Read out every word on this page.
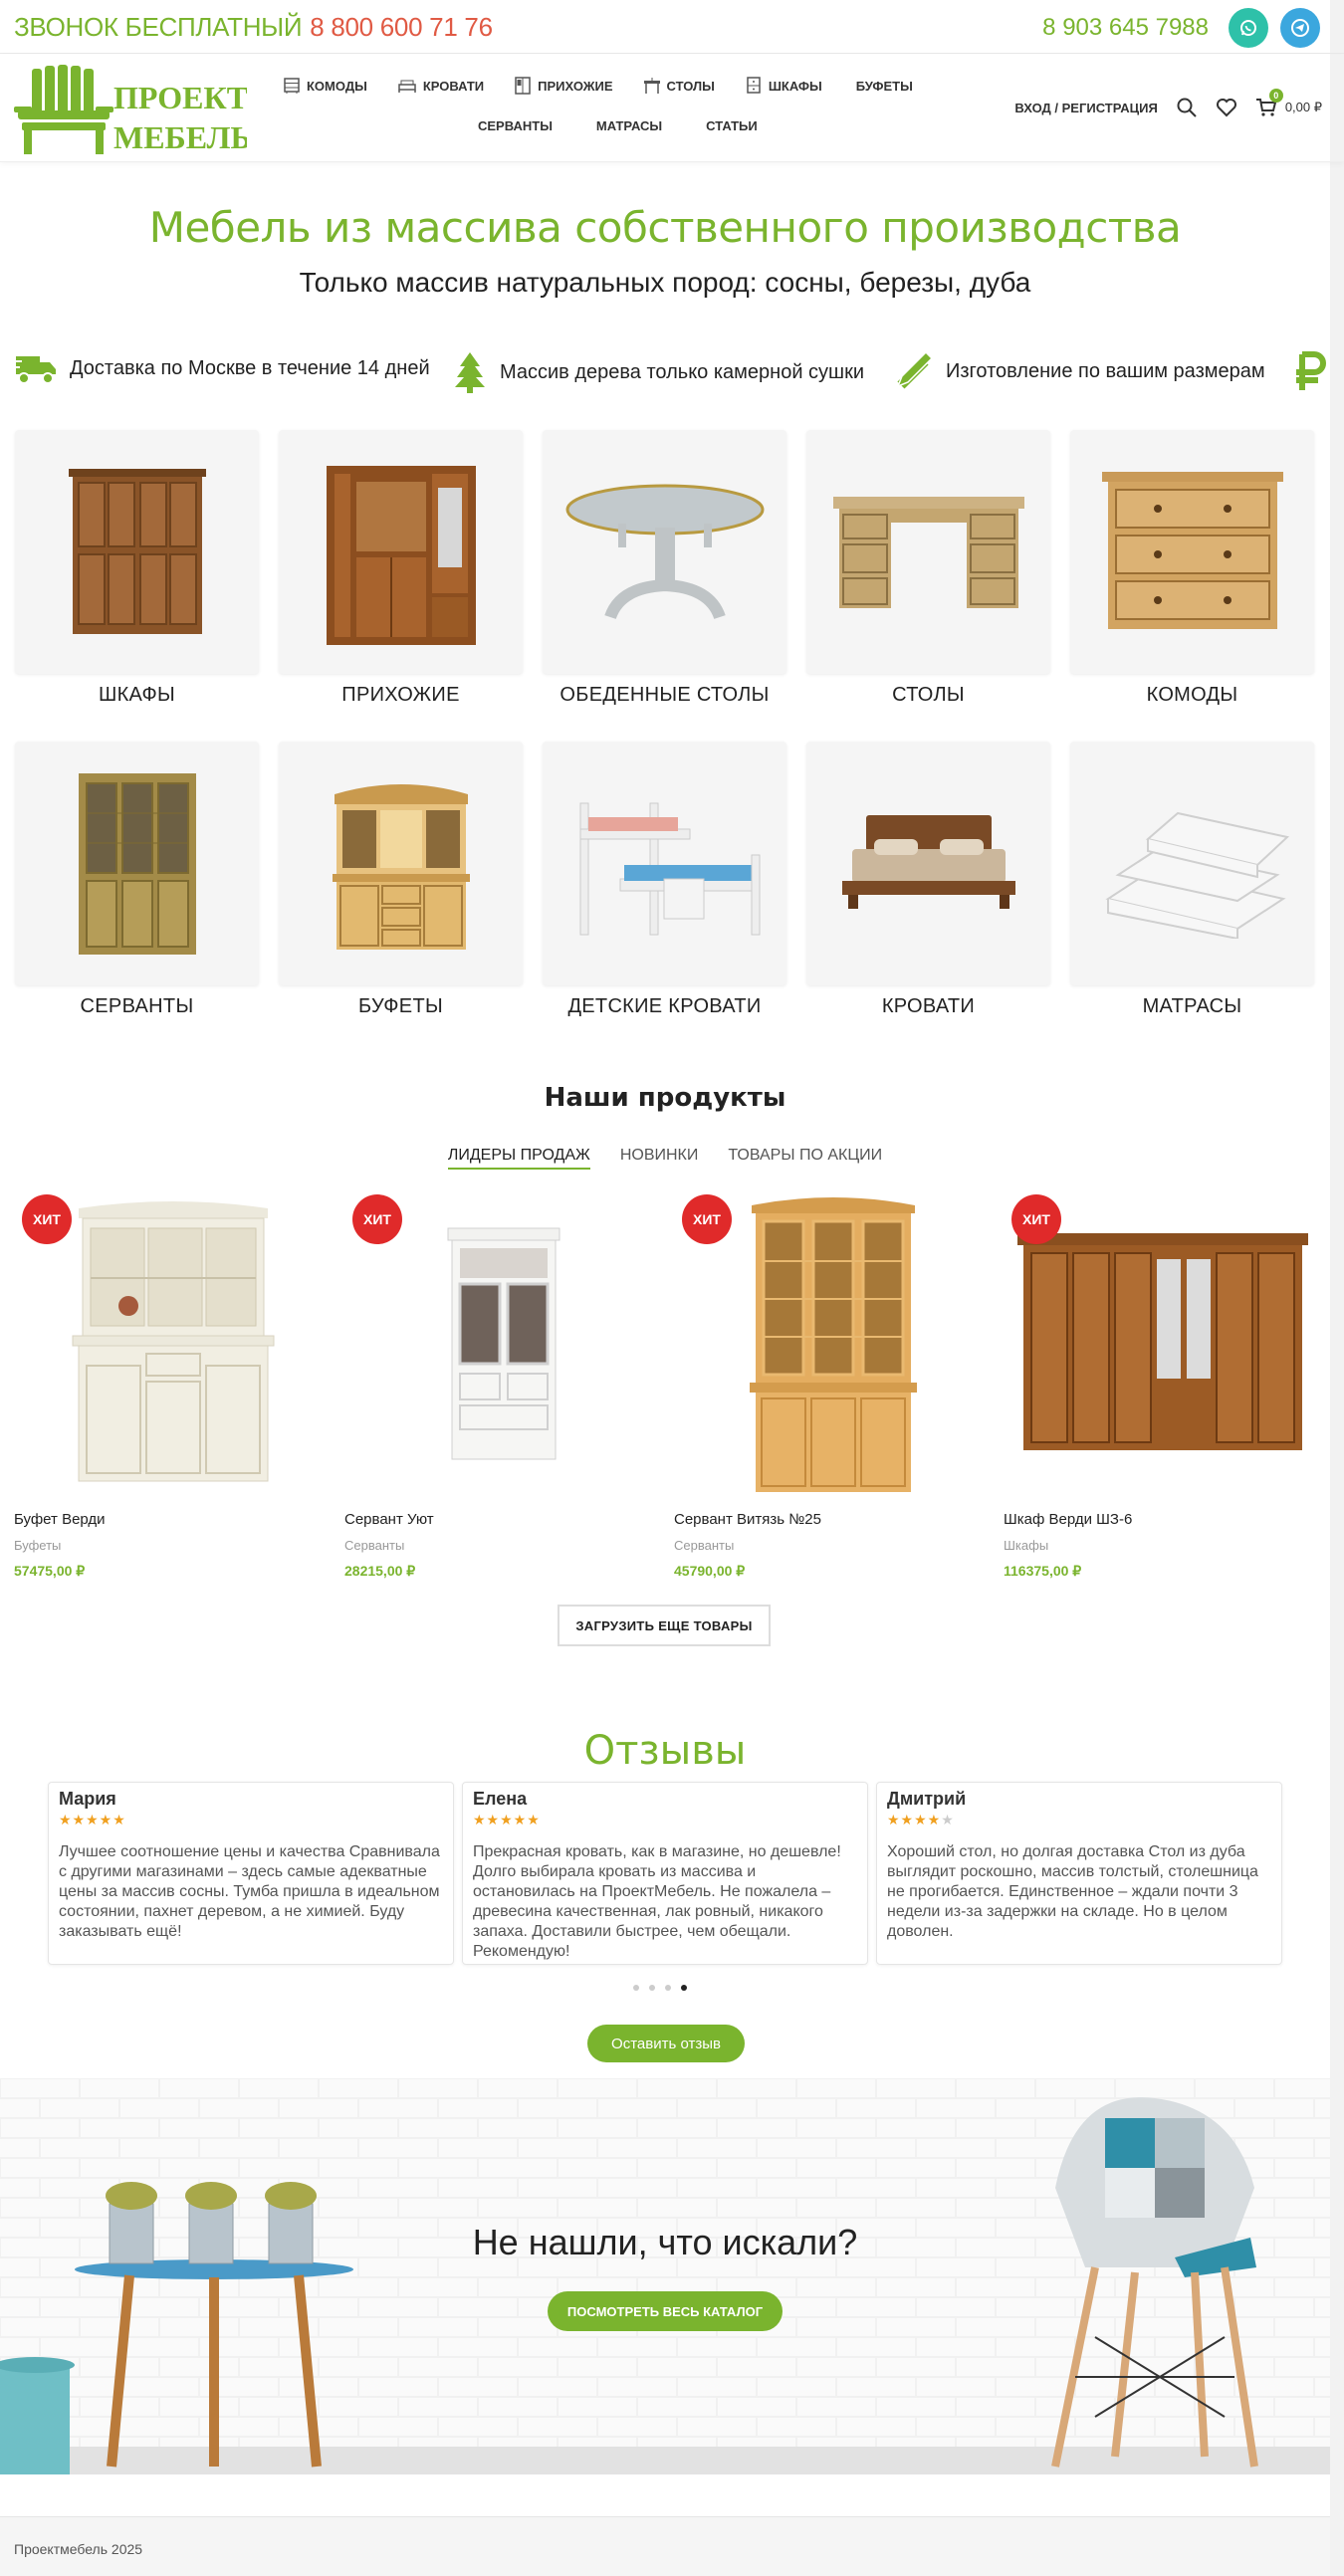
ЗВОНОК БЕСПЛАТНЫЙ 8 800 600 71 76	8 903 645 7988
ПРОЕКТ
МЕБЕЛЬ
КОМОДЫ	КРОВАТИ	ПРИХОЖИЕ	СТОЛЫ	ШКАФЫ	БУФЕТЫ
СЕРВАНТЫ	МАТРАСЫ	СТАТЬИ
ВХОД / РЕГИСТРАЦИЯ
0
0,00 ₽
Мебель из массива собственного производства
Только массив натуральных пород: сосны, березы, дуба
Доставка по Москве в течение 14 дней	Массив дерева только камерной сушки	Изготовление по вашим размерам
ШКАФЫ	ПРИХОЖИЕ	ОБЕДЕННЫЕ СТОЛЫ	СТОЛЫ	КОМОДЫ
СЕРВАНТЫ	БУФЕТЫ	ДЕТСКИЕ КРОВАТИ	КРОВАТИ	МАТРАСЫ
Наши продукты
ЛИДЕРЫ ПРОДАЖ НОВИНКИ ТОВАРЫ ПО АКЦИИ
ХИТ
Буфет Верди
Буфеты
57475,00 ₽
ХИТ
Сервант Уют
Серванты
28215,00 ₽
ХИТ
Сервант Витязь №25
Серванты
45790,00 ₽
ХИТ
Шкаф Верди ШЗ-6
Шкафы
116375,00 ₽
ЗАГРУЗИТЬ ЕЩЕ ТОВАРЫ
Отзывы
Мария
★★★★★
Лучшее соотношение цены и качества Сравнивала с другими магазинами – здесь самые адекватные цены за массив сосны. Тумба пришла в идеальном состоянии, пахнет деревом, а не химией. Буду заказывать ещё!
Елена
★★★★★
Прекрасная кровать, как в магазине, но дешевле! Долго выбирала кровать из массива и остановилась на ПроектМебель. Не пожалела – древесина качественная, лак ровный, никакого запаха. Доставили быстрее, чем обещали. Рекомендую!
Дмитрий
★★★★★
Хороший стол, но долгая доставка Стол из дуба выглядит роскошно, массив толстый, столешница не прогибается. Единственное – ждали почти 3 недели из-за задержки на складе. Но в целом доволен.
Оставить отзыв
Не нашли, что искали?
ПОСМОТРЕТЬ ВЕСЬ КАТАЛОГ
Проектмебель 2025
